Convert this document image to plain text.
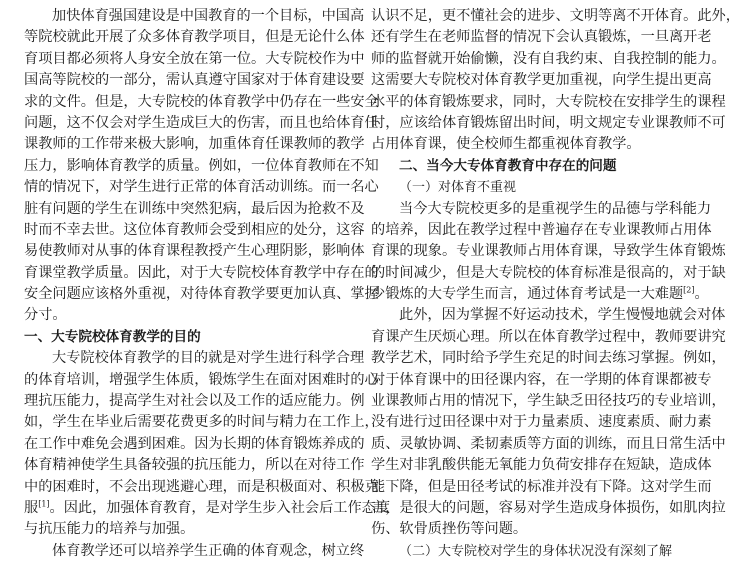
加快体育强国建设是中国教育的一个目标，中国高
等院校就此开展了众多体育教学项目，但是无论什么体
育项目都必须将人身安全放在第一位。大专院校作为中
国高等院校的一部分，需认真遵守国家对于体育建设要
求的文件。但是，大专院校的体育教学中仍存在一些安全
问题，这不仅会对学生造成巨大的伤害，而且也给体育任
课教师的工作带来极大影响，加重体育任课教师的教学
压力，影响体育教学的质量。例如，一位体育教师在不知
情的情况下，对学生进行正常的体育活动训练。而一名心
脏有问题的学生在训练中突然犯病，最后因为抢救不及
时而不幸去世。这位体育教师会受到相应的处分，这容
易使教师对从事的体育课程教授产生心理阴影，影响体
育课堂教学质量。因此，对于大专院校体育教学中存在的
安全问题应该格外重视，对待体育教学要更加认真、掌握
分寸。
一、大专院校体育教学的目的
大专院校体育教学的目的就是对学生进行科学合理
的体育培训，增强学生体质，锻炼学生在面对困难时的心
理抗压能力，提高学生对社会以及工作的适应能力。例
如，学生在毕业后需要花费更多的时间与精力在工作上，
在工作中难免会遇到困难。因为长期的体育锻炼养成的
体育精神使学生具备较强的抗压能力，所以在对待工作
中的困难时，不会出现逃避心理，而是积极面对、积极克
服[1]。因此，加强体育教育，是对学生步入社会后工作态度
与抗压能力的培养与加强。
体育教学还可以培养学生正确的体育观念，树立终
认识不足，更不懂社会的进步、文明等离不开体育。此外，
还有学生在老师监督的情况下会认真锻炼，一旦离开老
师的监督就开始偷懒，没有自我约束、自我控制的能力。
这需要大专院校对体育教学更加重视，向学生提出更高
水平的体育锻炼要求，同时，大专院校在安排学生的课程
时，应该给体育锻炼留出时间，明文规定专业课教师不可
占用体育课，使全校师生都重视体育教学。
二、当今大专体育教育中存在的问题
（一）对体育不重视
当今大专院校更多的是重视学生的品德与学科能力
的培养，因此在教学过程中普遍存在专业课教师占用体
育课的现象。专业课教师占用体育课，导致学生体育锻炼
的时间减少，但是大专院校的体育标准是很高的，对于缺
少锻炼的大专学生而言，通过体育考试是一大难题[2]。
此外，因为掌握不好运动技术，学生慢慢地就会对体
育课产生厌烦心理。所以在体育教学过程中，教师要讲究
教学艺术，同时给予学生充足的时间去练习掌握。例如，
对于体育课中的田径课内容，在一学期的体育课都被专
业课教师占用的情况下，学生缺乏田径技巧的专业培训，
没有进行过田径课中对于力量素质、速度素质、耐力素
质、灵敏协调、柔韧素质等方面的训练，而且日常生活中
学生对非乳酸供能无氧能力负荷安排存在短缺，造成体
能下降，但是田径考试的标准并没有下降。这对学生而
言，是很大的问题，容易对学生造成身体损伤，如肌肉拉
伤、软骨质挫伤等问题。
（二）大专院校对学生的身体状况没有深刻了解
